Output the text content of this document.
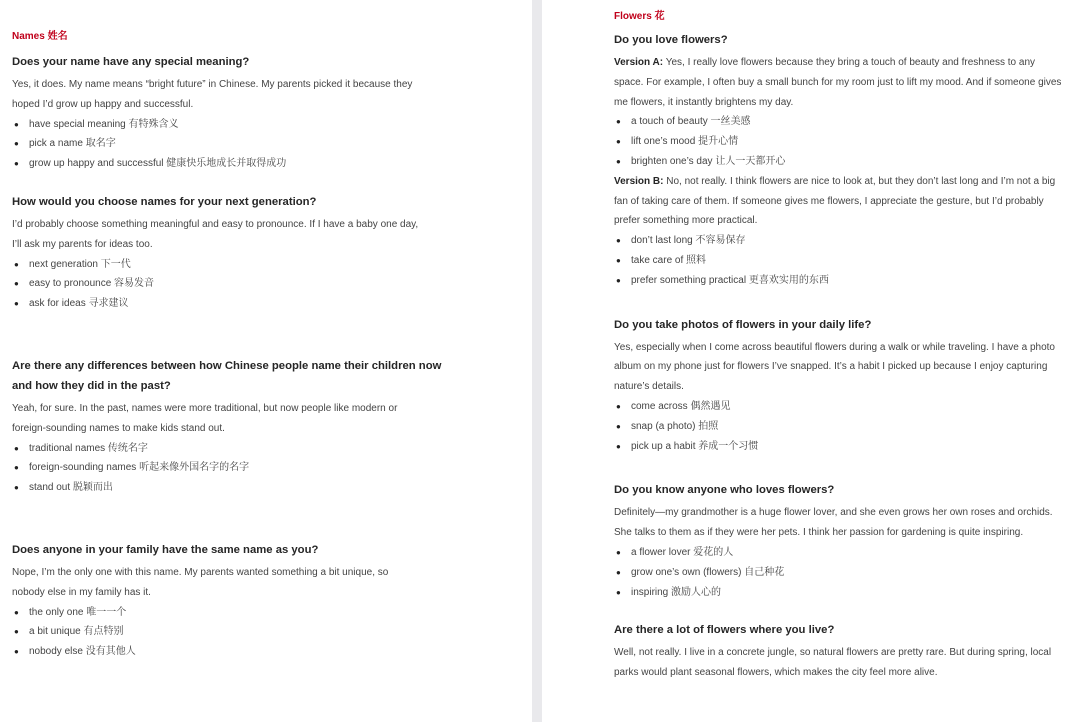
Names 姓名
Does your name have any special meaning?
Yes, it does. My name means “bright future” in Chinese. My parents picked it because they
hoped I’d grow up happy and successful.
● have special meaning 有特殊含义
● pick a name 取名字
● grow up happy and successful 健康快乐地成长并取得成功
How would you choose names for your next generation?
I’d probably choose something meaningful and easy to pronounce. If I have a baby one day,
I’ll ask my parents for ideas too.
● next generation 下一代
● easy to pronounce 容易发音
● ask for ideas 寻求建议
Are there any differences between how Chinese people name their children now
and how they did in the past?
Yeah, for sure. In the past, names were more traditional, but now people like modern or
foreign-sounding names to make kids stand out.
● traditional names 传统名字
● foreign-sounding names 听起来像外国名字的名字
● stand out 脱颖而出
Does anyone in your family have the same name as you?
Nope, I’m the only one with this name. My parents wanted something a bit unique, so
nobody else in my family has it.
● the only one 唯一一个
● a bit unique 有点特别
● nobody else 没有其他人
Flowers 花
Do you love flowers?
Version A: Yes, I really love flowers because they bring a touch of beauty and freshness to any space. For example, I often buy a small bunch for my room just to lift my mood. And if someone gives me flowers, it instantly brightens my day.
● a touch of beauty 一丝美感
● lift one’s mood 提升心情
● brighten one’s day 让人一天都开心
Version B: No, not really. I think flowers are nice to look at, but they don’t last long and I’m not a big fan of taking care of them. If someone gives me flowers, I appreciate the gesture, but I’d probably prefer something more practical.
● don’t last long 不容易保存
● take care of 照料
● prefer something practical 更喜欢实用的东西
Do you take photos of flowers in your daily life?
Yes, especially when I come across beautiful flowers during a walk or while traveling. I have a photo album on my phone just for flowers I’ve snapped. It’s a habit I picked up because I enjoy capturing nature’s details.
● come across 偶然遇见
● snap (a photo) 拍照
● pick up a habit 养成一个习惯
Do you know anyone who loves flowers?
Definitely—my grandmother is a huge flower lover, and she even grows her own roses and orchids. She talks to them as if they were her pets. I think her passion for gardening is quite inspiring.
● a flower lover 爱花的人
● grow one’s own (flowers) 自己种花
● inspiring 激励人心的
Are there a lot of flowers where you live?
Well, not really. I live in a concrete jungle, so natural flowers are pretty rare. But during spring, local parks would plant seasonal flowers, which makes the city feel more alive.
